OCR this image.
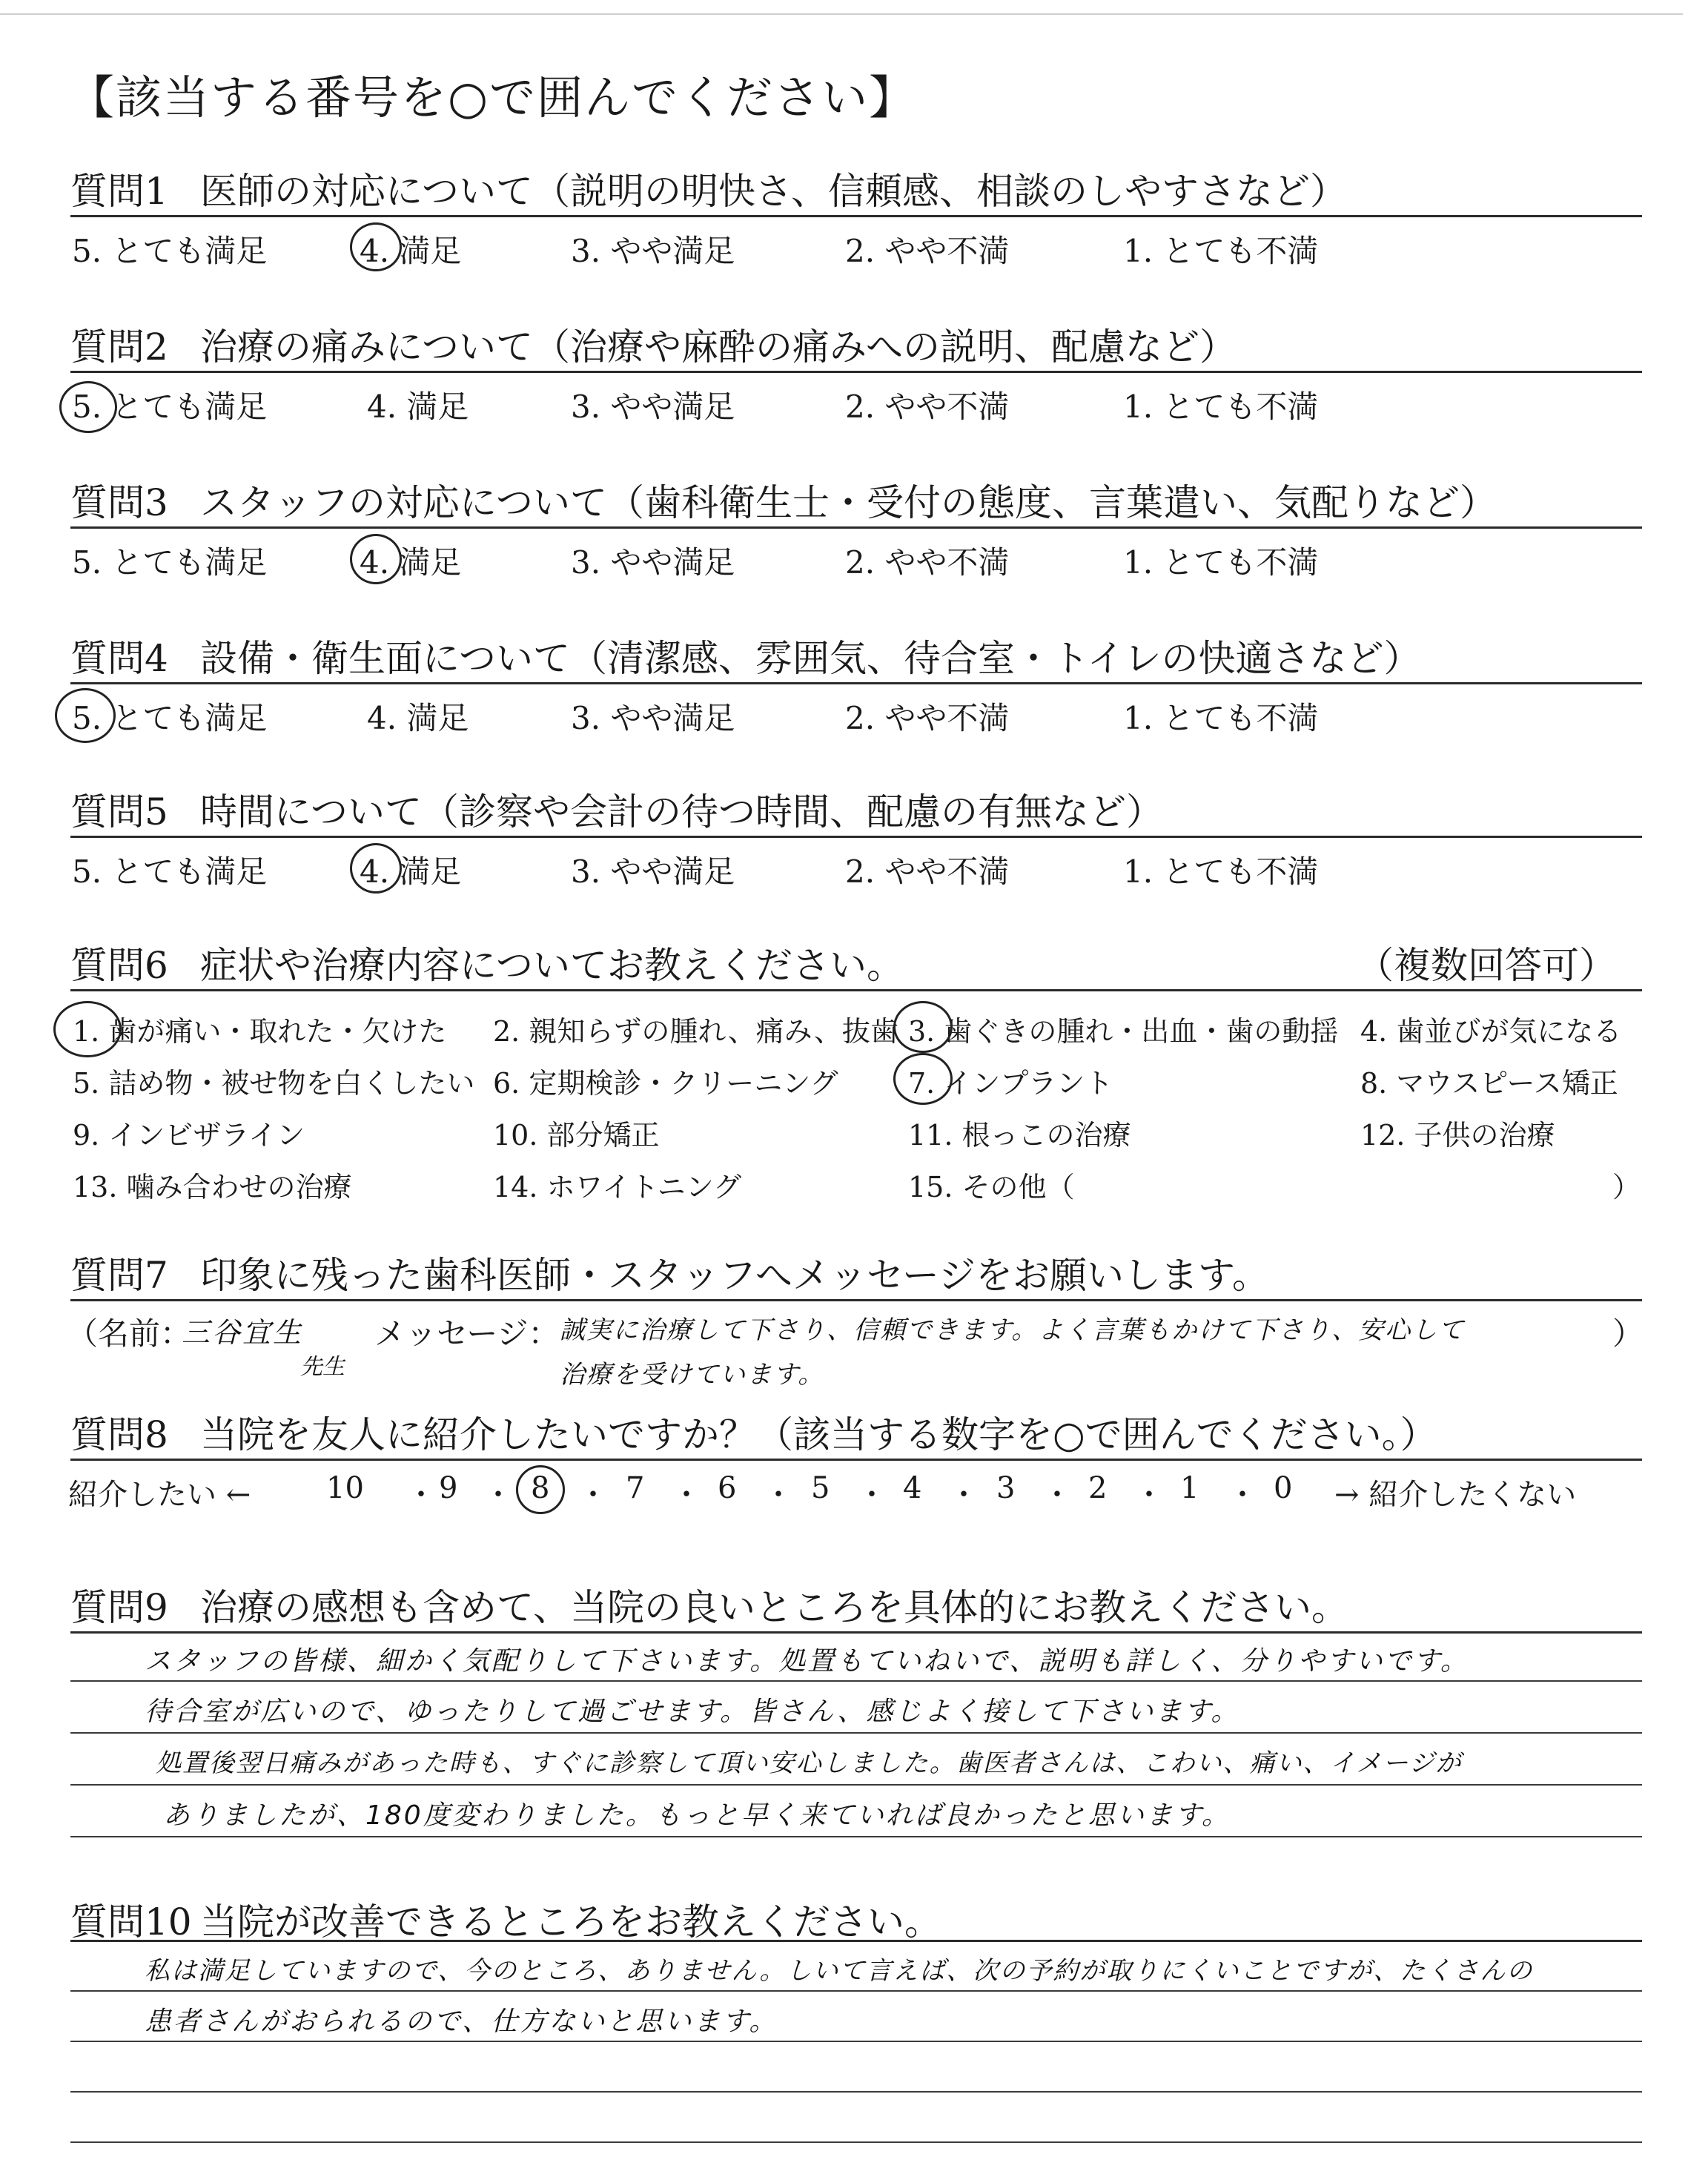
【該当する番号を○で囲んでください】
質問1 医師の対応について（説明の明快さ、信頼感、相談のしやすさなど）
5. とても満足	4. 満足	3. やや満足	2. やや不満	1. とても不満
質問2 治療の痛みについて（治療や麻酔の痛みへの説明、配慮など）
5. とても満足	4. 満足	3. やや満足	2. やや不満	1. とても不満
質問3 スタッフの対応について（歯科衛生士・受付の態度、言葉遣い、気配りなど）
5. とても満足	4. 満足	3. やや満足	2. やや不満	1. とても不満
質問4 設備・衛生面について（清潔感、雰囲気、待合室・トイレの快適さなど）
5. とても満足	4. 満足	3. やや満足	2. やや不満	1. とても不満
質問5 時間について（診察や会計の待つ時間、配慮の有無など）
5. とても満足	4. 満足	3. やや満足	2. やや不満	1. とても不満
質問6 症状や治療内容についてお教えください。	（複数回答可）
1. 歯が痛い・取れた・欠けた 2. 親知らずの腫れ、痛み、抜歯 3. 歯ぐきの腫れ・出血・歯の動揺 4. 歯並びが気になる
5. 詰め物・被せ物を白くしたい 6. 定期検診・クリーニング 7. インプラント	8. マウスピース矯正
9. インビザライン	10. 部分矯正	11. 根っこの治療	12. 子供の治療
13. 噛み合わせの治療	14. ホワイトニング	15. その他（	）
質問7 印象に残った歯科医師・スタッフへメッセージをお願いします。
（名前：
三谷宜生
先生
メッセージ： 誠実に治療して下さり、信頼できます。よく言葉もかけて下さり、安心して
治療を受けています。
）
質問8 当院を友人に紹介したいですか？（該当する数字を○で囲んでください。）
紹介したい ←	10 ・ 9 ・ 8 ・ 7 ・ 6 ・ 5 ・ 4 ・ 3 ・ 2 ・ 1 ・ 0 → 紹介したくない
質問9 治療の感想も含めて、当院の良いところを具体的にお教えください。
スタッフの皆様、細かく気配りして下さいます。処置もていねいで、説明も詳しく、分りやすいです。
待合室が広いので、ゆったりして過ごせます。皆さん、感じよく接して下さいます。
処置後翌日痛みがあった時も、すぐに診察して頂い安心しました。歯医者さんは、こわい、痛い、イメージが
ありましたが、180度変わりました。もっと早く来ていれば良かったと思います。
質問10 当院が改善できるところをお教えください。
私は満足していますので、今のところ、ありません。しいて言えば、次の予約が取りにくいことですが、たくさんの
患者さんがおられるので、仕方ないと思います。
